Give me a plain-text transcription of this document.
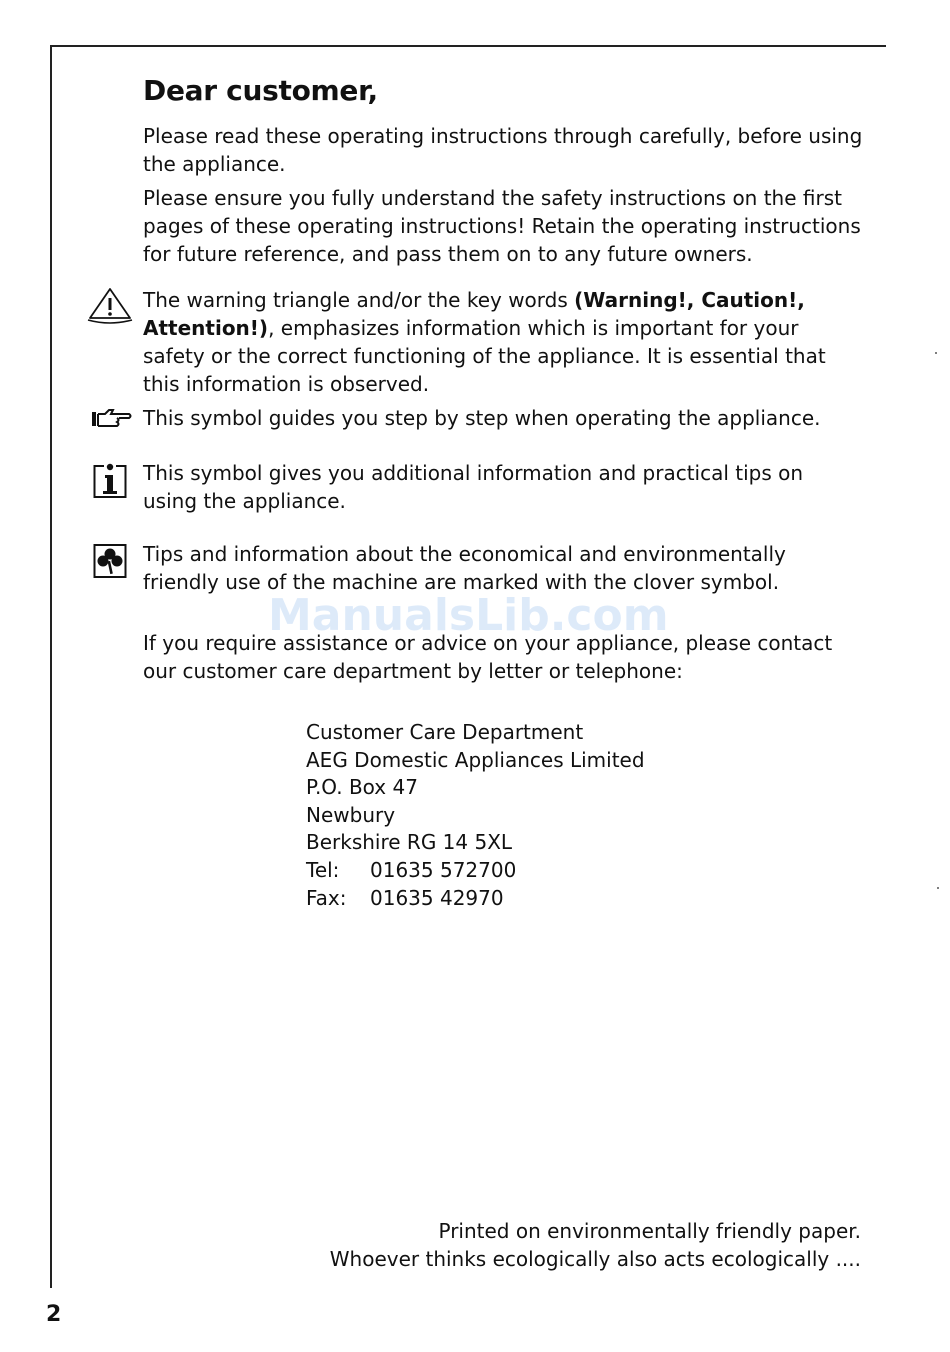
Dear customer,

Please read these operating instructions through carefully, before using the appliance.

Please ensure you fully understand the safety instructions on the first pages of these operating instructions! Retain the operating instructions for future reference, and pass them on to any future owners.

The warning triangle and/or the key words (Warning!, Caution!, Attention!), emphasizes information which is important for your safety or the correct functioning of the appliance. It is essential that this information is observed.

This symbol guides you step by step when operating the appliance.

This symbol gives you additional information and practical tips on using the appliance.

Tips and information about the economical and environmentally friendly use of the machine are marked with the clover symbol.

ManualsLib.com

If you require assistance or advice on your appliance, please contact our customer care department by letter or telephone:

Customer Care Department
AEG Domestic Appliances Limited
P.O. Box 47
Newbury
Berkshire RG 14 5XL
Tel: 01635 572700
Fax: 01635 42970
Printed on environmentally friendly paper.
Whoever thinks ecologically also acts ecologically ....
2
